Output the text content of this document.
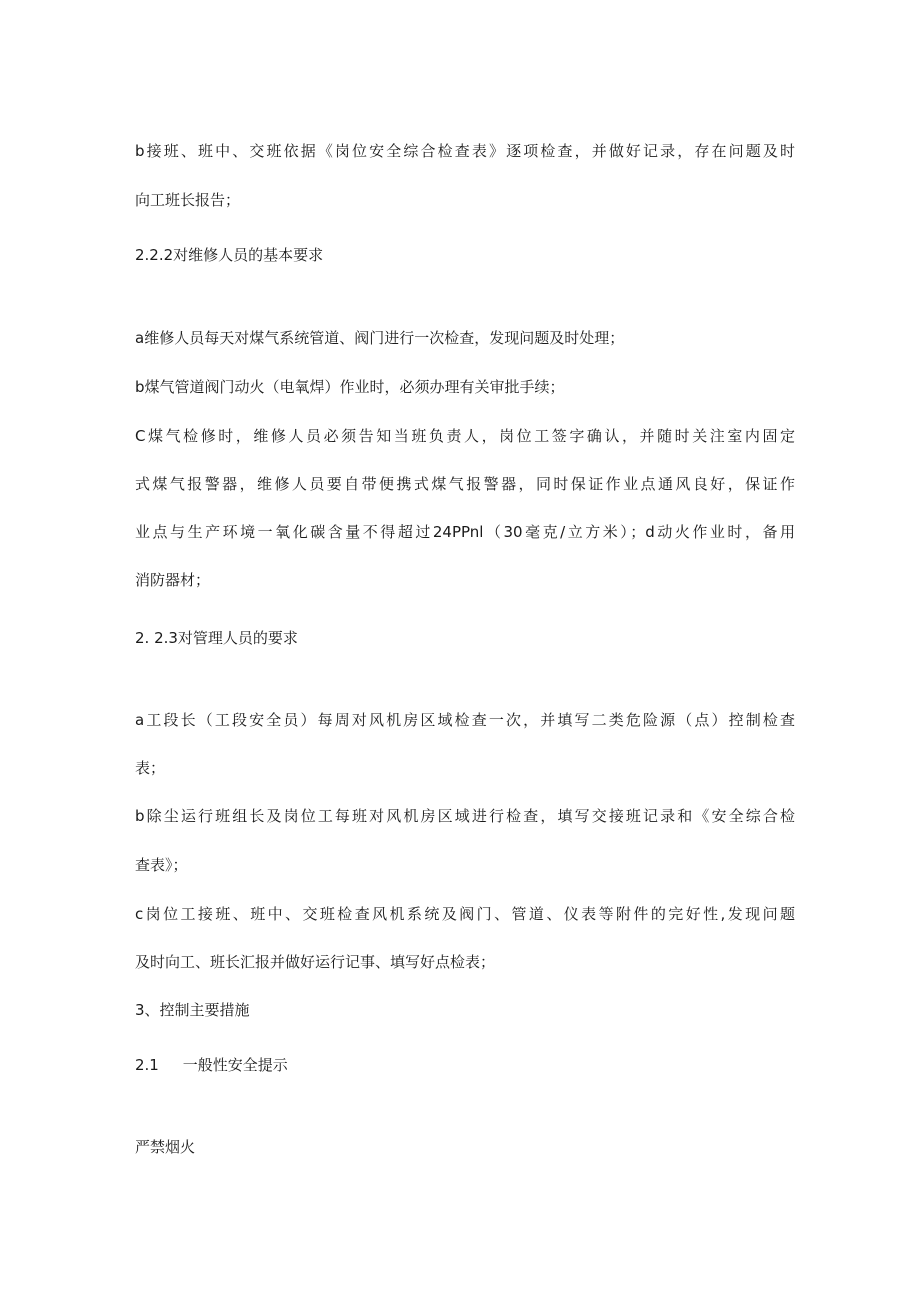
b接班、班中、交班依据《岗位安全综合检查表》逐项检查，并做好记录，存在问题及时
向工班长报告；
2.2.2对维修人员的基本要求
a维修人员每天对煤气系统管道、阀门进行一次检查，发现问题及时处理；
b煤气管道阀门动火（电氧焊）作业时，必须办理有关审批手续；
C煤气检修时，维修人员必须告知当班负责人，岗位工签字确认，并随时关注室内固定
式煤气报警器，维修人员要自带便携式煤气报警器，同时保证作业点通风良好，保证作
业点与生产环境一氧化碳含量不得超过24PPnl（30毫克/立方米）；d动火作业时，备用
消防器材；
2. 2.3对管理人员的要求
a工段长（工段安全员）每周对风机房区域检查一次，并填写二类危险源（点）控制检查
表；
b除尘运行班组长及岗位工每班对风机房区域进行检查，填写交接班记录和《安全综合检
查表》；
c岗位工接班、班中、交班检查风机系统及阀门、管道、仪表等附件的完好性,发现问题
及时向工、班长汇报并做好运行记事、填写好点检表；
3、控制主要措施
2.1     一般性安全提示
严禁烟火
